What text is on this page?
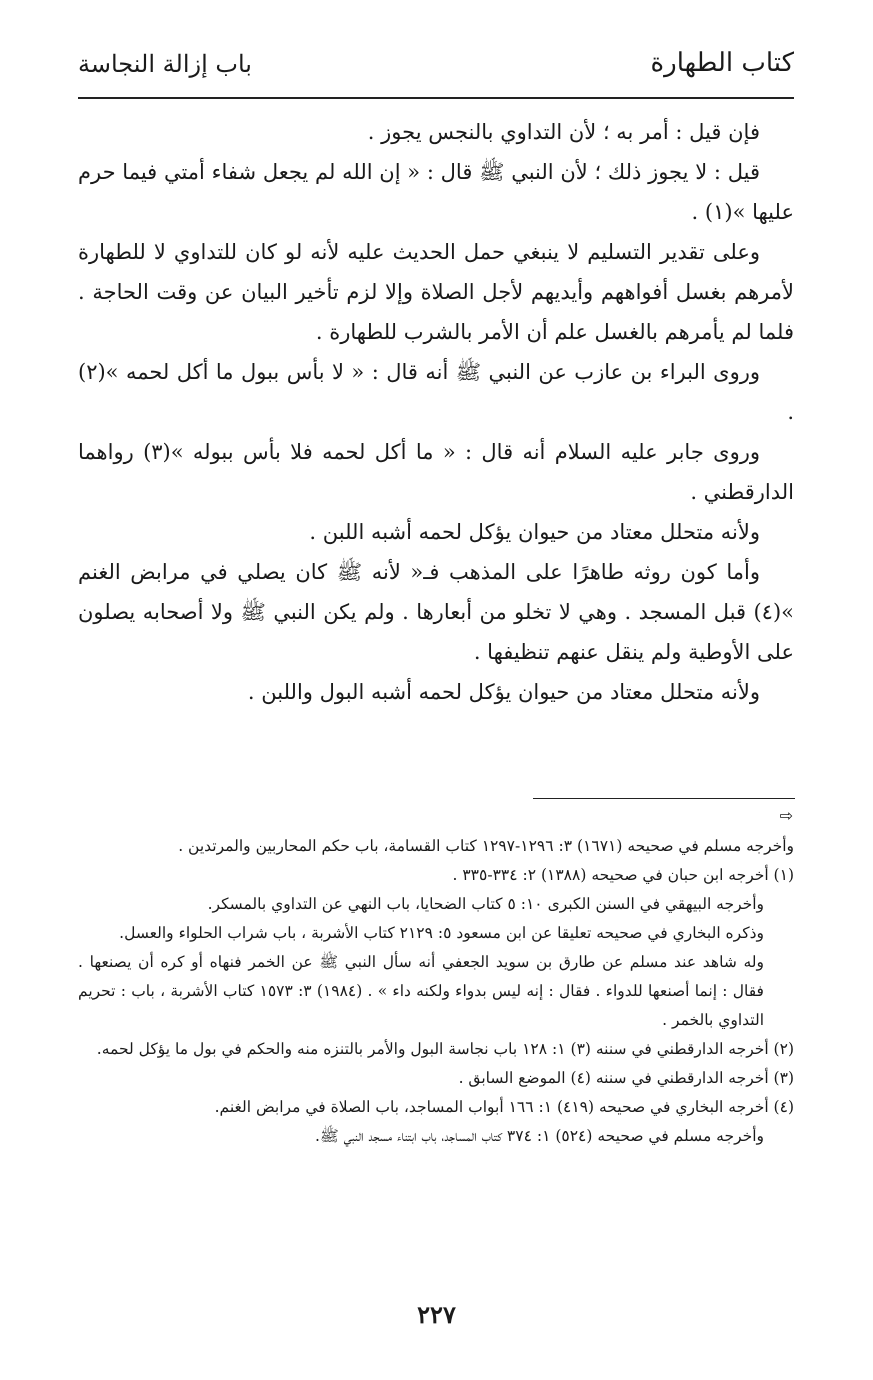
كتاب الطهارة
باب إزالة النجاسة

فإن قيل : أمر به ؛ لأن التداوي بالنجس يجوز .

قيل : لا يجوز ذلك ؛ لأن النبي ﷺ قال : « إن الله لم يجعل شفاء أمتي فيما حرم عليها »(١) .

وعلى تقدير التسليم لا ينبغي حمل الحديث عليه لأنه لو كان للتداوي لا للطهارة لأمرهم بغسل أفواههم وأيديهم لأجل الصلاة وإلا لزم تأخير البيان عن وقت الحاجة . فلما لم يأمرهم بالغسل علم أن الأمر بالشرب للطهارة .

وروى البراء بن عازب عن النبي ﷺ أنه قال : « لا بأس ببول ما أكل لحمه »(٢) .

وروى جابر عليه السلام أنه قال : « ما أكل لحمه فلا بأس ببوله »(٣) رواهما الدارقطني .

ولأنه متحلل معتاد من حيوان يؤكل لحمه أشبه اللبن .

وأما كون روثه طاهرًا على المذهب فـ« لأنه ﷺ كان يصلي في مرابض الغنم »(٤) قبل المسجد . وهي لا تخلو من أبعارها . ولم يكن النبي ﷺ ولا أصحابه يصلون على الأوطية ولم ينقل عنهم تنظيفها .

ولأنه متحلل معتاد من حيوان يؤكل لحمه أشبه البول واللبن .

⇨

وأخرجه مسلم في صحيحه (١٦٧١) ٣: ١٢٩٦-١٢٩٧ كتاب القسامة، باب حكم المحاربين والمرتدين .

(١) أخرجه ابن حبان في صحيحه (١٣٨٨) ٢: ٣٣٤-٣٣٥ .

وأخرجه البيهقي في السنن الكبرى ١٠: ٥ كتاب الضحايا، باب النهي عن التداوي بالمسكر.

وذكره البخاري في صحيحه تعليقا عن ابن مسعود ٥: ٢١٢٩ كتاب الأشربة ، باب شراب الحلواء والعسل.

وله شاهد عند مسلم عن طارق بن سويد الجعفي أنه سأل النبي ﷺ عن الخمر فنهاه أو كره أن يصنعها . فقال : إنما أصنعها للدواء . فقال : إنه ليس بدواء ولكنه داء » . (١٩٨٤) ٣: ١٥٧٣ كتاب الأشربة ، باب : تحريم التداوي بالخمر .

(٢) أخرجه الدارقطني في سننه (٣) ١: ١٢٨ باب نجاسة البول والأمر بالتنزه منه والحكم في بول ما يؤكل لحمه.

(٣) أخرجه الدارقطني في سننه (٤) الموضع السابق .

(٤) أخرجه البخاري في صحيحه (٤١٩) ١: ١٦٦ أبواب المساجد، باب الصلاة في مرابض الغنم.

وأخرجه مسلم في صحيحه (٥٢٤) ١: ٣٧٤ كتاب المساجد، باب ابتناء مسجد النبي ﷺ.

٢٢٧
